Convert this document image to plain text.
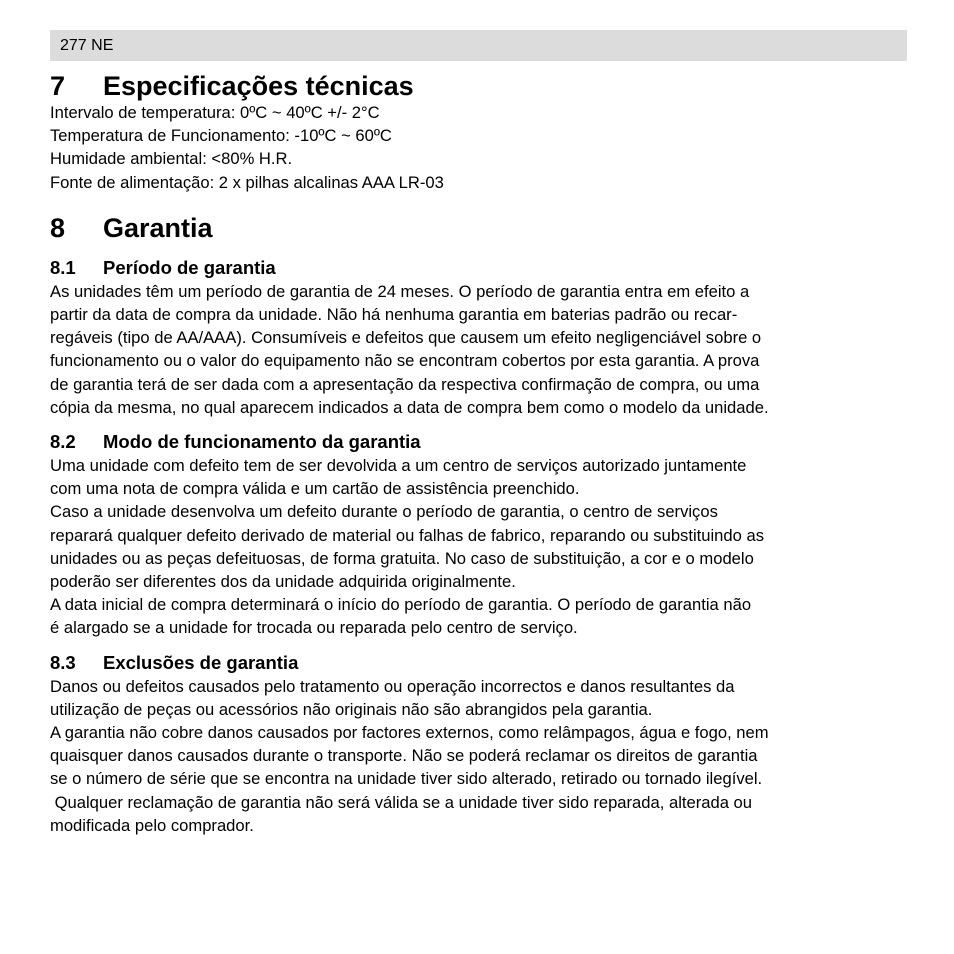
277 NE
7	Especificações técnicas
Intervalo de temperatura: 0ºC ~ 40ºC +/- 2°C
Temperatura de Funcionamento: -10ºC ~ 60ºC
Humidade ambiental: <80% H.R.
Fonte de alimentação: 2 x pilhas alcalinas AAA LR-03
8	Garantia
8.1	Período de garantia
As unidades têm um período de garantia de 24 meses. O período de garantia entra em efeito a
partir da data de compra da unidade. Não há nenhuma garantia em baterias padrão ou recar-
regáveis (tipo de AA/AAA). Consumíveis e defeitos que causem um efeito negligenciável sobre o
funcionamento ou o valor do equipamento não se encontram cobertos por esta garantia. A prova
de garantia terá de ser dada com a apresentação da respectiva confirmação de compra, ou uma
cópia da mesma, no qual aparecem indicados a data de compra bem como o modelo da unidade.
8.2	Modo de funcionamento da garantia
Uma unidade com defeito tem de ser devolvida a um centro de serviços autorizado juntamente
com uma nota de compra válida e um cartão de assistência preenchido.
Caso a unidade desenvolva um defeito durante o período de garantia, o centro de serviços
reparará qualquer defeito derivado de material ou falhas de fabrico, reparando ou substituindo as
unidades ou as peças defeituosas, de forma gratuita. No caso de substituição, a cor e o modelo
poderão ser diferentes dos da unidade adquirida originalmente.
A data inicial de compra determinará o início do período de garantia. O período de garantia não
é alargado se a unidade for trocada ou reparada pelo centro de serviço.
8.3	Exclusões de garantia
Danos ou defeitos causados pelo tratamento ou operação incorrectos e danos resultantes da
utilização de peças ou acessórios não originais não são abrangidos pela garantia.
A garantia não cobre danos causados por factores externos, como relâmpagos, água e fogo, nem
quaisquer danos causados durante o transporte. Não se poderá reclamar os direitos de garantia
se o número de série que se encontra na unidade tiver sido alterado, retirado ou tornado ilegível.
Qualquer reclamação de garantia não será válida se a unidade tiver sido reparada, alterada ou
modificada pelo comprador.
